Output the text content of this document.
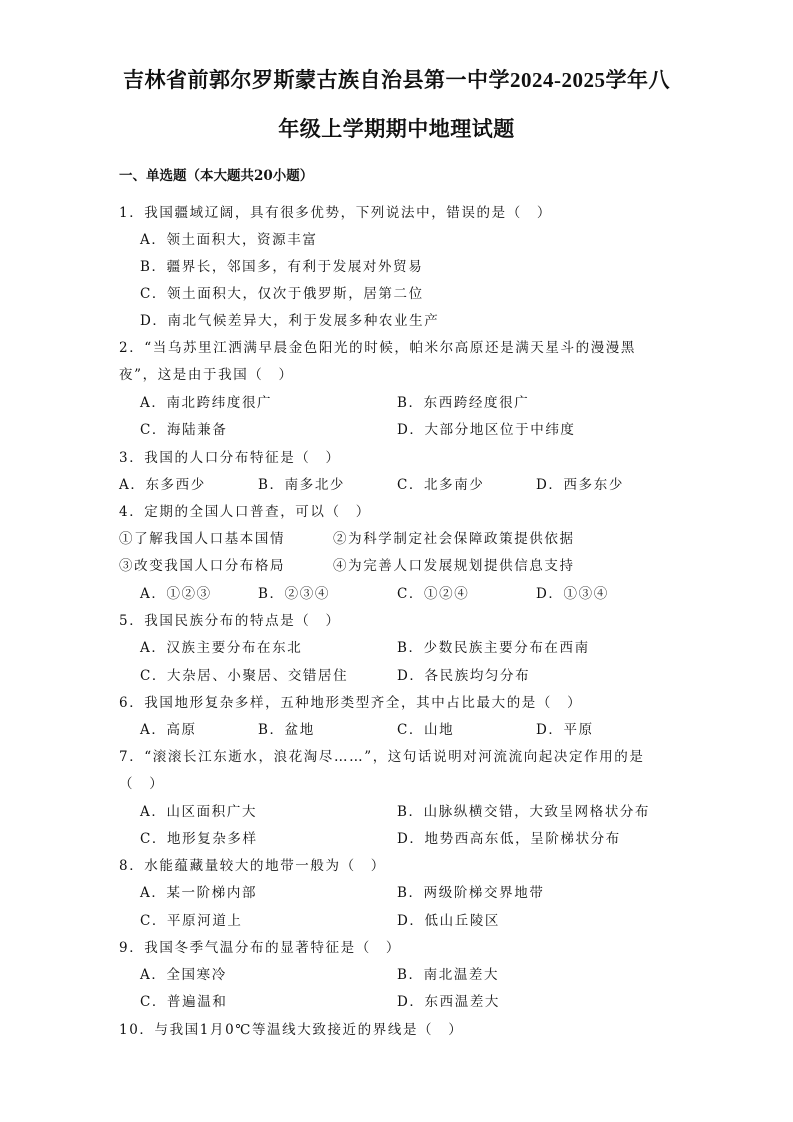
吉林省前郭尔罗斯蒙古族自治县第一中学2024-2025学年八
年级上学期期中地理试题
一、单选题（本大题共20小题）
1．我国疆域辽阔，具有很多优势，下列说法中，错误的是（　）
A．领土面积大，资源丰富
B．疆界长，邻国多，有利于发展对外贸易
C．领土面积大，仅次于俄罗斯，居第二位
D．南北气候差异大，利于发展多种农业生产
2．“当乌苏里江洒满早晨金色阳光的时候，帕米尔高原还是满天星斗的漫漫黑
夜”，这是由于我国（　）
A．南北跨纬度很广	B．东西跨经度很广
C．海陆兼备	D．大部分地区位于中纬度
3．我国的人口分布特征是（　）
A．东多西少	B．南多北少	C．北多南少	D．西多东少
4．定期的全国人口普查，可以（　）
①了解我国人口基本国情	②为科学制定社会保障政策提供依据
③改变我国人口分布格局	④为完善人口发展规划提供信息支持
A．①②③	B．②③④	C．①②④	D．①③④
5．我国民族分布的特点是（　）
A．汉族主要分布在东北	B．少数民族主要分布在西南
C．大杂居、小聚居、交错居住	D．各民族均匀分布
6．我国地形复杂多样，五种地形类型齐全，其中占比最大的是（　）
A．高原	B．盆地	C．山地	D．平原
7．“滚滚长江东逝水，浪花淘尽……”，这句话说明对河流流向起决定作用的是
（　）
A．山区面积广大	B．山脉纵横交错，大致呈网格状分布
C．地形复杂多样	D．地势西高东低，呈阶梯状分布
8．水能蕴藏量较大的地带一般为（　）
A．某一阶梯内部	B．两级阶梯交界地带
C．平原河道上	D．低山丘陵区
9．我国冬季气温分布的显著特征是（　）
A．全国寒冷	B．南北温差大
C．普遍温和	D．东西温差大
10．与我国1月0℃等温线大致接近的界线是（　）
